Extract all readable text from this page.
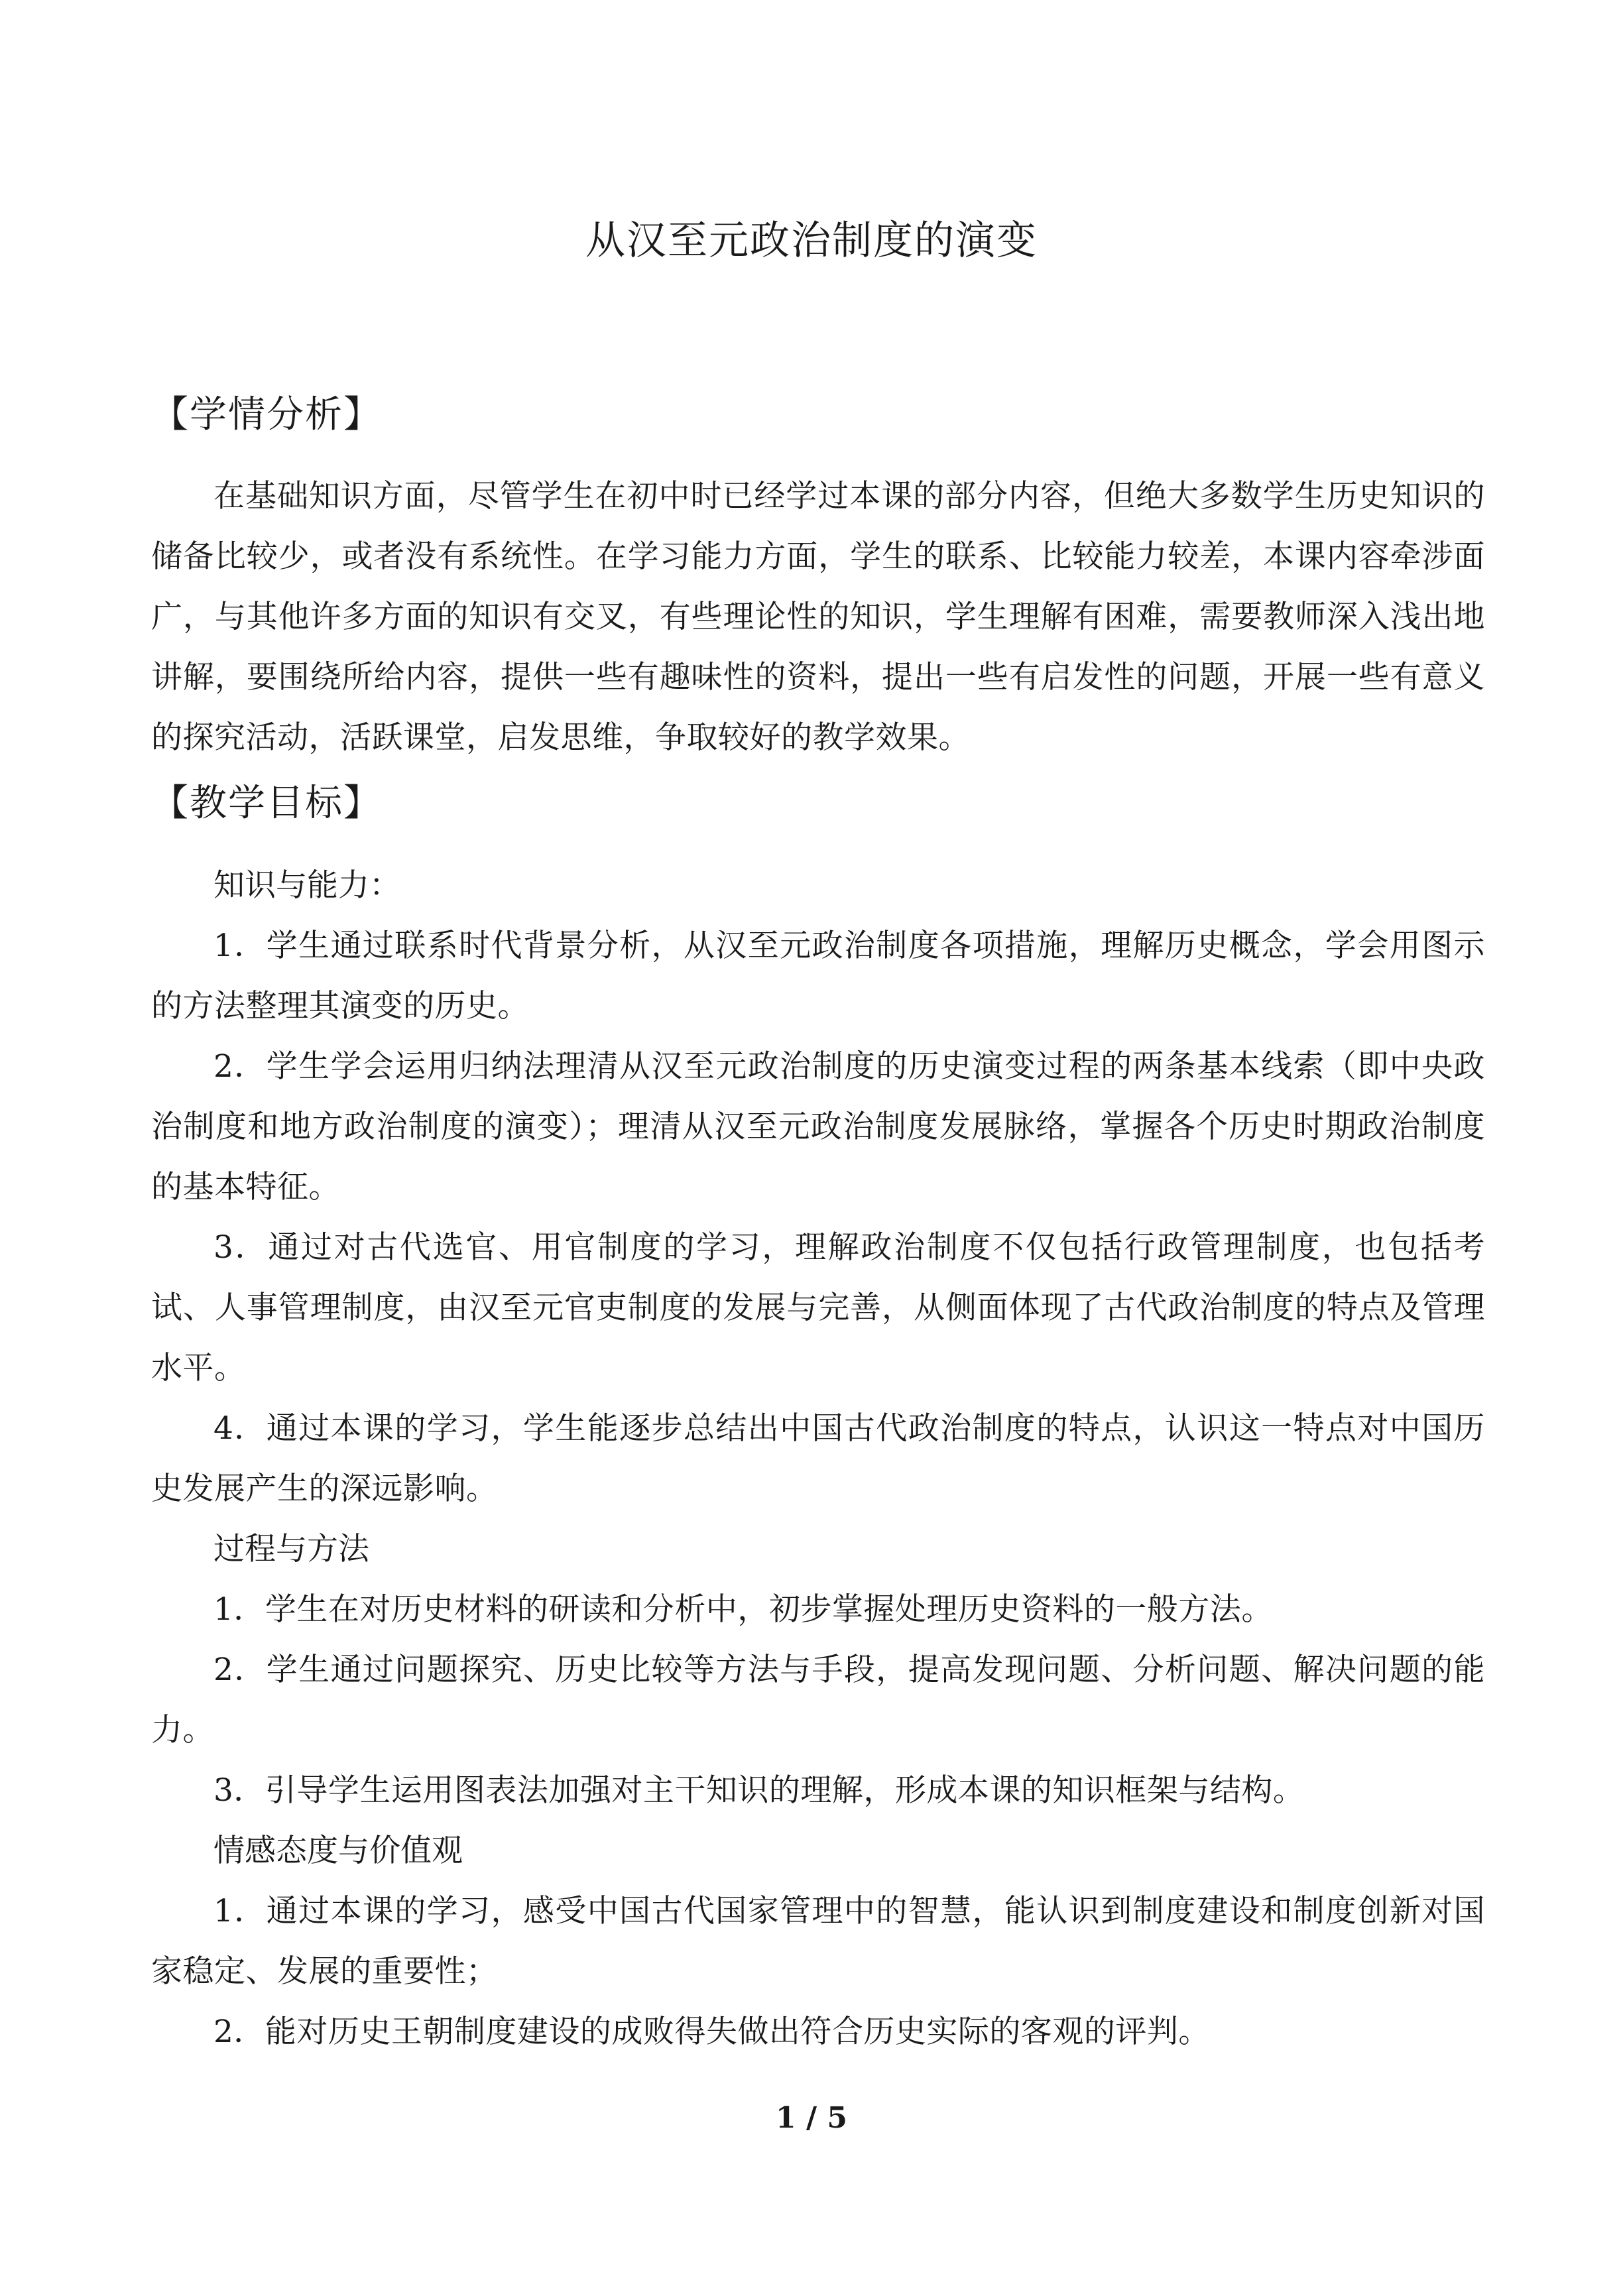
从汉至元政治制度的演变
【学情分析】
在基础知识方面，尽管学生在初中时已经学过本课的部分内容，但绝大多数学生历史知识的储备比较少，或者没有系统性。在学习能力方面，学生的联系、比较能力较差，本课内容牵涉面广，与其他许多方面的知识有交叉，有些理论性的知识，学生理解有困难，需要教师深入浅出地讲解，要围绕所给内容，提供一些有趣味性的资料，提出一些有启发性的问题，开展一些有意义的探究活动，活跃课堂，启发思维，争取较好的教学效果。
【教学目标】
知识与能力：
1．学生通过联系时代背景分析，从汉至元政治制度各项措施，理解历史概念，学会用图示的方法整理其演变的历史。
2．学生学会运用归纳法理清从汉至元政治制度的历史演变过程的两条基本线索（即中央政治制度和地方政治制度的演变）；理清从汉至元政治制度发展脉络，掌握各个历史时期政治制度的基本特征。
3．通过对古代选官、用官制度的学习，理解政治制度不仅包括行政管理制度，也包括考试、人事管理制度，由汉至元官吏制度的发展与完善，从侧面体现了古代政治制度的特点及管理水平。
4．通过本课的学习，学生能逐步总结出中国古代政治制度的特点，认识这一特点对中国历史发展产生的深远影响。
过程与方法
1．学生在对历史材料的研读和分析中，初步掌握处理历史资料的一般方法。
2．学生通过问题探究、历史比较等方法与手段，提高发现问题、分析问题、解决问题的能力。
3．引导学生运用图表法加强对主干知识的理解，形成本课的知识框架与结构。
情感态度与价值观
1．通过本课的学习，感受中国古代国家管理中的智慧，能认识到制度建设和制度创新对国家稳定、发展的重要性；
2．能对历史王朝制度建设的成败得失做出符合历史实际的客观的评判。
1 / 5
